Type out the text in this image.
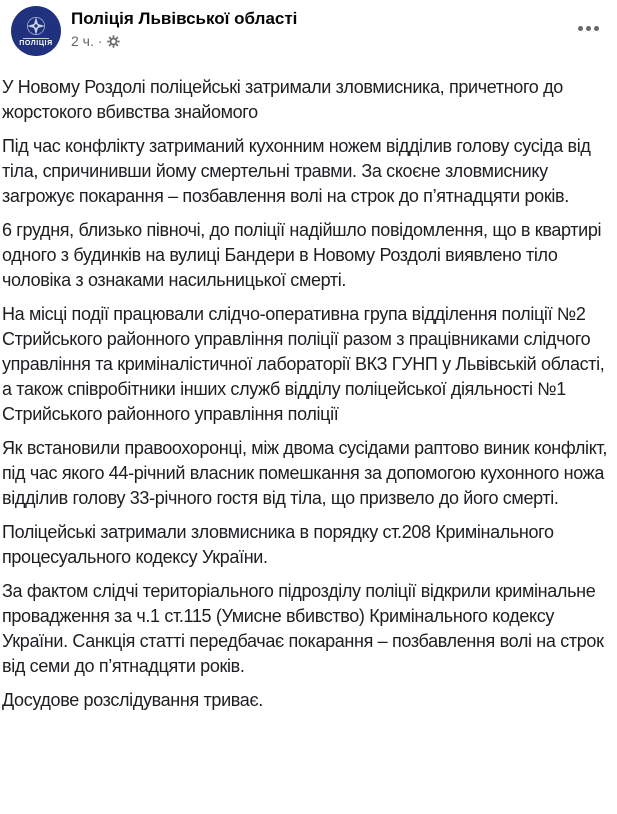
ПОЛІЦІЯ
Поліція Львівської області
2 ч. ·

У Новому Роздолі поліцейські затримали зловмисника, причетного до жорстокого вбивства знайомого

Під час конфлікту затриманий кухонним ножем відділив голову сусіда від тіла, спричинивши йому смертельні травми. За скоєне зловмиснику загрожує покарання – позбавлення волі на строк до п’ятнадцяти років.

6 грудня, близько півночі, до поліції надійшло повідомлення, що в квартирі одного з будинків на вулиці Бандери в Новому Роздолі виявлено тіло чоловіка з ознаками насильницької смерті.

На місці події працювали слідчо-оперативна група відділення поліції №2 Стрийського районного управління поліції разом з працівниками слідчого управління та криміналістичної лабораторії ВКЗ ГУНП у Львівській області, а також співробітники інших служб відділу поліцейської діяльності №1 Стрийського районного управління поліції

Як встановили правоохоронці, між двома сусідами раптово виник конфлікт, під час якого 44-річний власник помешкання за допомогою кухонного ножа відділив голову 33-річного гостя від тіла, що призвело до його смерті.

Поліцейські затримали зловмисника в порядку ст.208 Кримінального процесуального кодексу України.

За фактом слідчі територіального підрозділу поліції відкрили кримінальне провадження за ч.1 ст.115 (Умисне вбивство) Кримінального кодексу України. Санкція статті передбачає покарання – позбавлення волі на строк від семи до п’ятнадцяти років.

Досудове розслідування триває.
